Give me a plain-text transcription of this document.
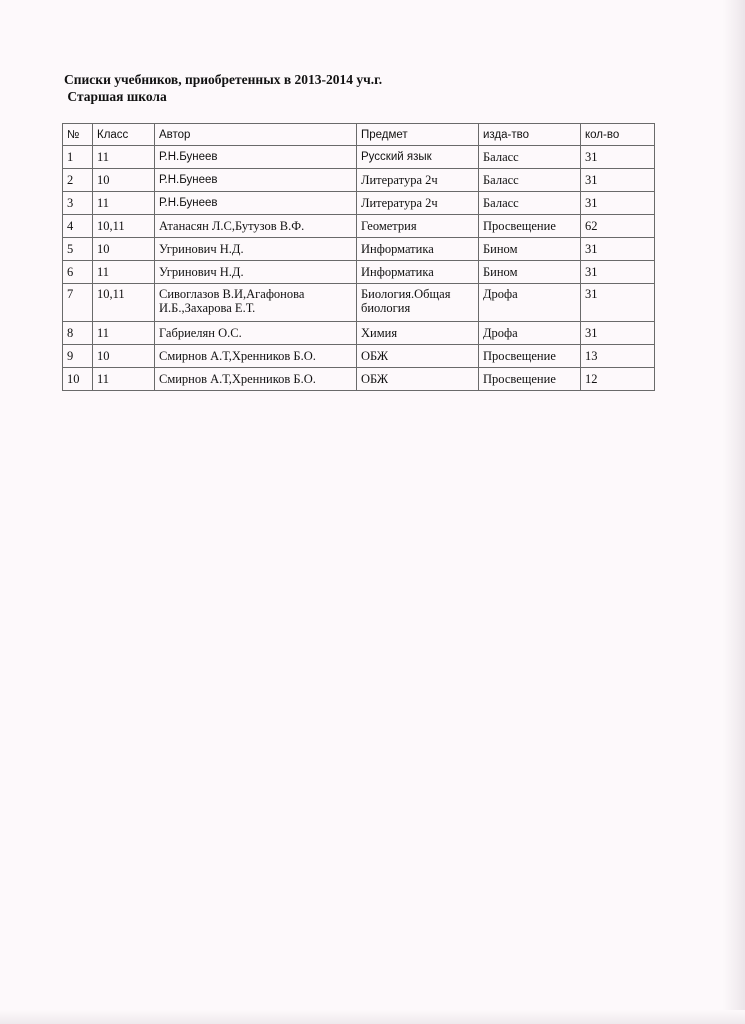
Списки учебников, приобретенных в 2013-2014 уч.г.
Старшая школа
№	Класс	Автор	Предмет	изда-тво	кол-во
1	11	Р.Н.Бунеев	Русский язык	Баласс	31
2	10	Р.Н.Бунеев	Литература 2ч	Баласс	31
3	11	Р.Н.Бунеев	Литература 2ч	Баласс	31
4	10,11	Атанасян Л.С,Бутузов В.Ф.	Геометрия	Просвещение	62
5	10	Угринович Н.Д.	Информатика	Бином	31
6	11	Угринович Н.Д.	Информатика	Бином	31
7	10,11	Сивоглазов В.И,Агафонова И.Б.,Захарова Е.Т.	Биология.Общая биология	Дрофа	31
8	11	Габриелян О.С.	Химия	Дрофа	31
9	10	Смирнов А.Т,Хренников Б.О.	ОБЖ	Просвещение	13
10	11	Смирнов А.Т,Хренников Б.О.	ОБЖ	Просвещение	12
